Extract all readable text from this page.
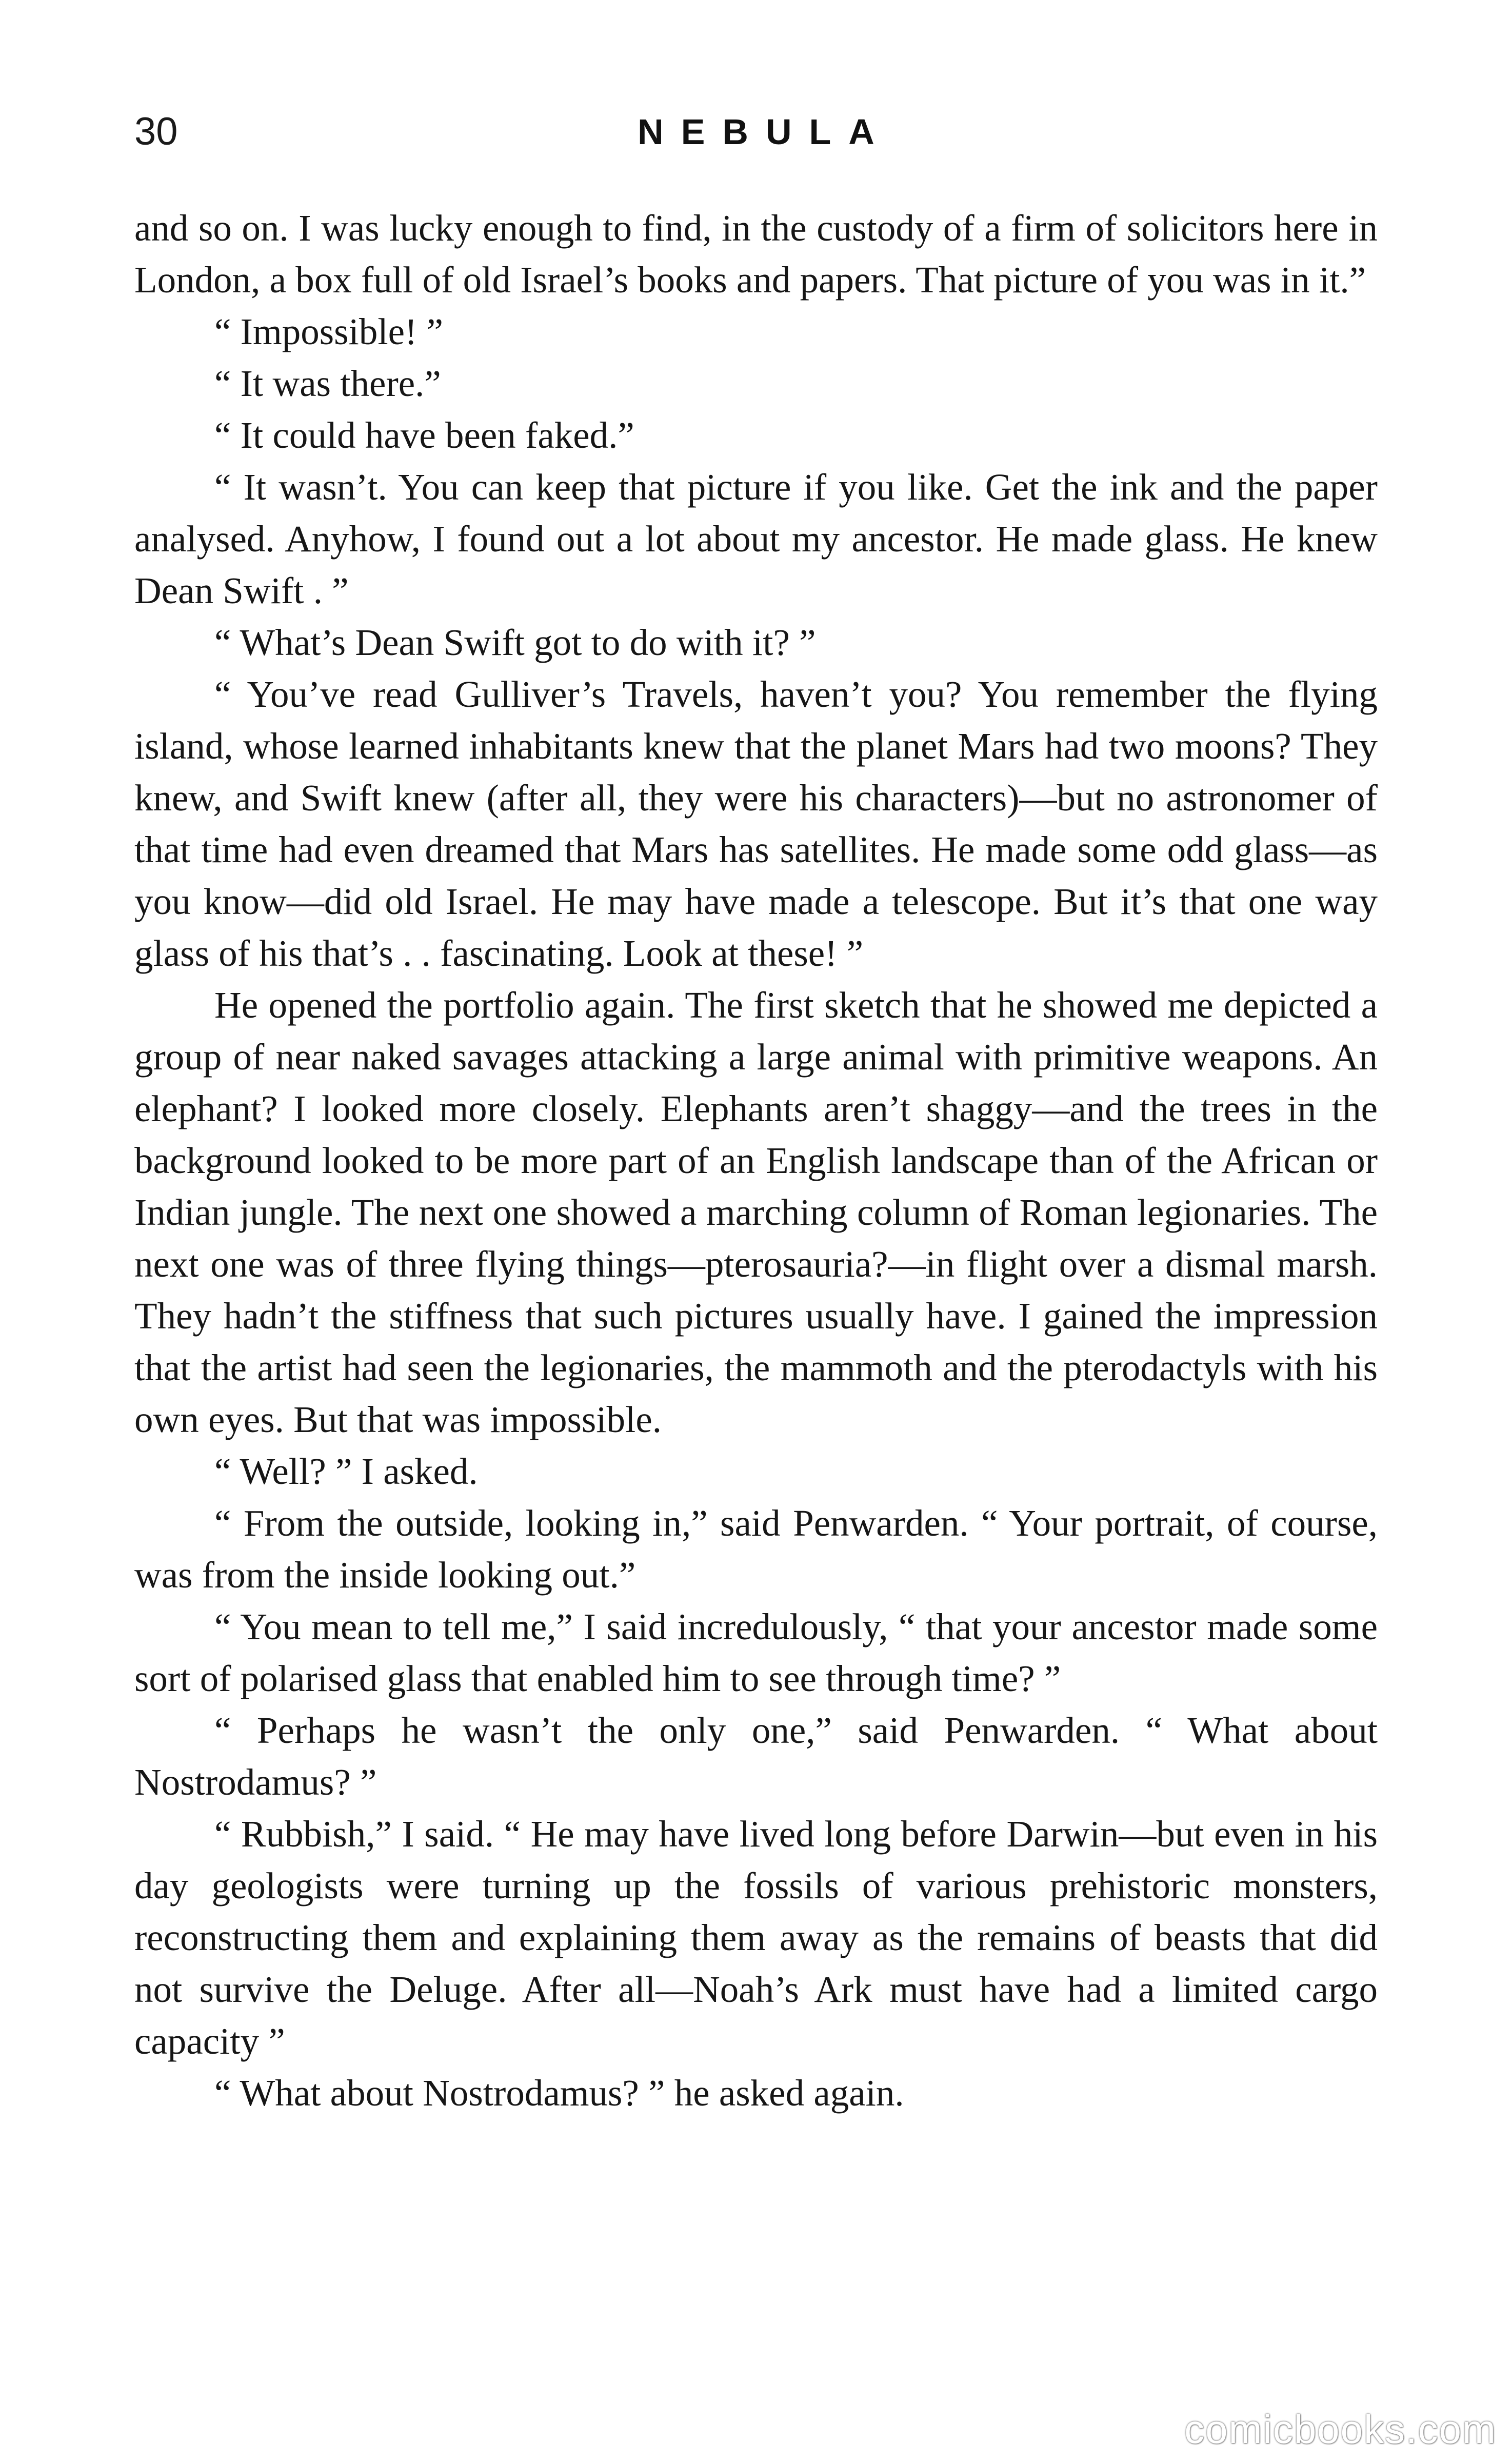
30	NEBULA

and so on. I was lucky enough to find, in the custody of a firm of solicitors here in London, a box full of old Israel’s books and papers. That picture of you was in it.”

“ Impossible! ”

“ It was there.”

“ It could have been faked.”

“ It wasn’t. You can keep that picture if you like. Get the ink and the paper analysed. Anyhow, I found out a lot about my ancestor. He made glass. He knew Dean Swift . ”

“ What’s Dean Swift got to do with it? ”

“ You’ve read Gulliver’s Travels, haven’t you? You remember the flying island, whose learned inhabitants knew that the planet Mars had two moons? They knew, and Swift knew (after all, they were his characters)—but no astronomer of that time had even dreamed that Mars has satellites. He made some odd glass—as you know—did old Israel. He may have made a telescope. But it’s that one way glass of his that’s . . fascinating. Look at these! ”

He opened the portfolio again. The first sketch that he showed me depicted a group of near naked savages attacking a large animal with primitive weapons. An elephant? I looked more closely. Elephants aren’t shaggy—and the trees in the background looked to be more part of an English landscape than of the African or Indian jungle. The next one showed a marching column of Roman legionaries. The next one was of three flying things—pterosauria?—in flight over a dismal marsh. They hadn’t the stiffness that such pictures usually have. I gained the impression that the artist had seen the legionaries, the mammoth and the pterodactyls with his own eyes. But that was impossible.

“ Well? ” I asked.

“ From the outside, looking in,” said Penwarden. “ Your portrait, of course, was from the inside looking out.”

“ You mean to tell me,” I said incredulously, “ that your ancestor made some sort of polarised glass that enabled him to see through time? ”

“ Perhaps he wasn’t the only one,” said Penwarden. “ What about Nostrodamus? ”

“ Rubbish,” I said. “ He may have lived long before Darwin—but even in his day geologists were turning up the fossils of various prehistoric monsters, reconstructing them and explaining them away as the remains of beasts that did not survive the Deluge. After all—Noah’s Ark must have had a limited cargo capacity ”

“ What about Nostrodamus? ” he asked again.

comicbooks.com
